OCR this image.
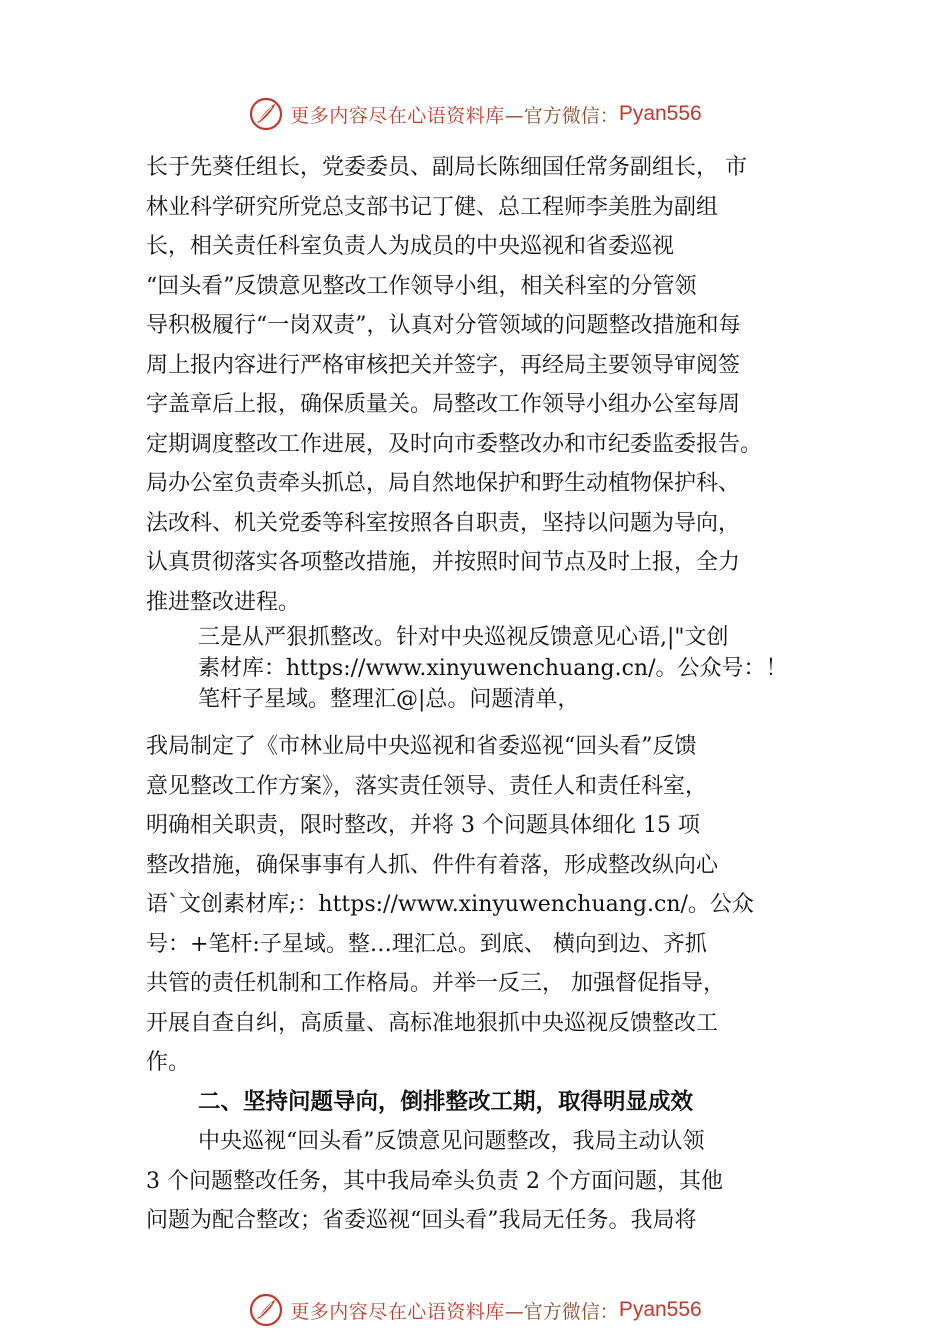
更多内容尽在心语资料库 —官方微信： Pyan556
长于先葵任组长，党委委员、副局长陈细国任常务副组长， 市
林业科学研究所党总支部书记丁健、总工程师李美胜为副组
长，相关责任科室负责人为成员的中央巡视和省委巡视
“回头看”反馈意见整改工作领导小组，相关科室的分管领
导积极履行“一岗双责”，认真对分管领域的问题整改措施和每
周上报内容进行严格审核把关并签字，再经局主要领导审阅签
字盖章后上报，确保质量关。局整改工作领导小组办公室每周
定期调度整改工作进展，及时向市委整改办和市纪委监委报告。
局办公室负责牵头抓总，局自然地保护和野生动植物保护科、
法改科、机关党委等科室按照各自职责，坚持以问题为导向，
认真贯彻落实各项整改措施，并按照时间节点及时上报，全力
推进整改进程。
三是从严狠抓整改。针对中央巡视反馈意见心语,|"文创
素材库：https://www.xinyuwenchuang.cn/。公众号：！
笔杆子星域。整理汇@|总。问题清单，
我局制定了《市林业局中央巡视和省委巡视“回头看”反馈
意见整改工作方案》，落实责任领导、责任人和责任科室，
明确相关职责，限时整改，并将 3 个问题具体细化 15 项
整改措施，确保事事有人抓、件件有着落，形成整改纵向心
语`文创素材库;：https://www.xinyuwenchuang.cn/。公众
号：+笔杆:子星域。整…理汇总。到底、 横向到边、齐抓
共管的责任机制和工作格局。并举一反三， 加强督促指导，
开展自查自纠，高质量、高标准地狠抓中央巡视反馈整改工
作。
二、坚持问题导向，倒排整改工期，取得明显成效
中央巡视“回头看”反馈意见问题整改，我局主动认领
3 个问题整改任务，其中我局牵头负责 2 个方面问题，其他
问题为配合整改；省委巡视“回头看”我局无任务。我局将
更多内容尽在心语资料库 —官方微信： Pyan556
